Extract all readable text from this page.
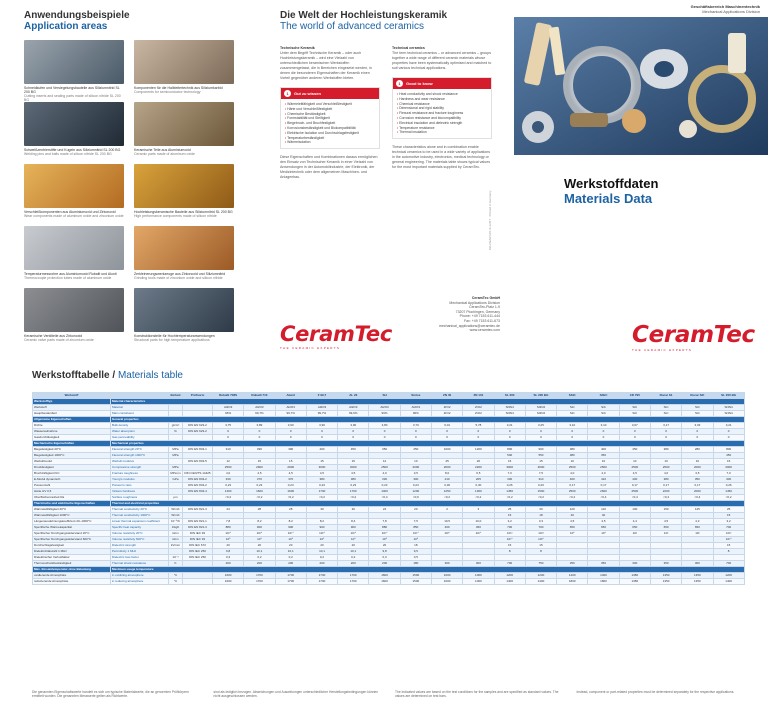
Anwendungsbeispiele
Application areas
Schneidkufen und Versiegelungsbauteile aus Siliziumnitrid SL 200 BG
Cutting inserts and sealing parts made of silicon nitride SL 200 BG
Komponenten für die Halbleitertechnik aus Siliziumkarbid
Components for semiconductor technology
Schweißzentrierstifte und Kugeln aus Siliziumnitrid SL 200 BG
Welding pins and balls made of silicon nitride SL 200 BG
Keramische Teile aus Aluminiumoxid
Ceramic parts made of aluminum oxide
Verschleißkomponenten aus Aluminiumoxid und Zirkonoxid
Wear components made of aluminum oxide and zirconium oxide
Hochleistungskeramische Bauteile aus Siliziumnitrid SL 200 BG
High performance components made of silicon nitride
Temperaturmessrohre aus Aluminiumoxid Rubalit und Alunit
Thermocouple protection tubes made of aluminum oxide
Zerkleinerungswerkzeuge aus Zirkonoxid und Siliziumnitrid
Grinding tools made of zirconium oxide and silicon nitride
Keramische Ventilteile aus Zirkonoxid
Ceramic valve parts made of zirconium oxide
Konstruktionsteile für Hochtemperaturanwendungen
Structural parts for high temperature applications
Die Welt der Hochleistungskeramik
The world of advanced ceramics
Technische Keramik

Unter dem Begriff Technische Keramik – oder auch Hochleistungskeramik – wird eine Vielzahl von unterschiedlichen keramischen Werkstoffen zusammengefasst, die in Bereichen eingesetzt werden, in denen die besonderen Eigenschaften der Keramik einen Vorteil gegenüber anderen Werkstoffen bieten.

1	Gut zu wissen
• Wärmeleitfähigkeit und Verschleißfestigkeit
• Härte und Verschleißfestigkeit
• Chemische Beständigkeit
• Formstabilität und Steifigkeit
• Biegebruch- und Bruchfestigkeit
• Korrosionsbeständigkeit und Biokompatibilität
• Elektrische Isolation und Durchschlagsfestigkeit
• Temperaturbeständigkeit
• Wärmeisolation

Diese Eigenschaften und Kombinationen daraus ermöglichen den Einsatz von Technischer Keramik in einer Vielzahl von Anwendungen in der Automobilindustrie, der Elektronik, der Medizintechnik oder dem allgemeinen Maschinen- und Anlagenbau.

Technical ceramics

The term technical ceramics – or advanced ceramics – groups together a wide range of different ceramic materials whose properties have been systematically optimised and matched to suit various technical applications.

1	Good to know
• Heat conductivity and shock resistance
• Hardness and wear resistance
• Chemical resistance
• Dimensional and rigid stability
• Flexural resistance and fracture toughness
• Corrosion resistance and biocompatibility
• Electrical insulation and dielectric strength
• Temperature resistance
• Thermal insulation

These characteristics alone and in combination enable technical ceramics to be used in a wide variety of applications in the automotive industry, electronics, medical technology or general engineering. The materials table shows typical values for the most important materials supplied by CeramTec.

CeramTec
THE CERAMIC EXPERTS
CeramTec GmbH
Mechanical Applications Division
CeramTec-Platz 1-9
73207 Plochingen, Germany
Phone: +49 7153 611-444
Fax: +49 7153 611-673
mechanical_applications@ceramtec.de
www.ceramtec.com
MA-DE/EN-08-4t-12/07 · Printed in Germany
Geschäftsbereich Maschinentechnik
Mechanical Applications Division
Werkstoffdaten
Materials Data
CeramTec
THE CERAMIC EXPERTS
Werkstofftabelle / Materials table
Werkstoff		Einheit	Prüfnorm	Rubalit 708S	Rubalit 710	Alunit	F 99,7	AL 23	SH	Sintox	ZN 40	ZN 101	SL 200	SL 200 BG	SSiC	SiSiC	CD 795	Rocar S1	Rocar SiF	SL 200 BG	
Werkstofftyp	Material characteristics																				
Werkstoff	Material			Al2O3	Al2O3	Al2O3	Al2O3	Al2O3	Al2O3	Al2O3	ZrO2	ZrO2	Si3N4	Si3N4	SiC	SiC	SiC	SiC	SiC	Si3N4	
Hauptbestandteil	Main constituent			96%	99,7%	99,7%	99,7%	99,9%	96%	96%	ZrO2	ZrO2	Si3N4	Si3N4	SiC	SiC	SiC	SiC	SiC	Si3N4	
Allgemeine Eigenschaften	General properties																				
Dichte	Bulk density	g/cm³	DIN EN 623-2	3,75	3,89	3,90	3,90	3,90	3,80	3,70	6,01	5,78	3,21	3,25	3,10	3,10	3,07	3,17	3,03	3,21	
Wasseraufnahme	Water absorption	%	DIN EN 623-2	0	0	0	0	0	0	0	0	0	0	0	0	0	0	0	0	0	
Gasdurchlässigkeit	Gas permeability			0	0	0	0	0	0	0	0	0	0	0	0	0	0	0	0	0	
Mechanische Eigenschaften	Mechanical properties																				
Biegefestigkeit 20°C	Flexural strength 20°C	MPa	DIN EN 843-1	310	390	390	400	450	350	250	1000	1200	800	900	380	400	450	380	280	800	
Biegefestigkeit 1000°C	Flexural strength 1000°C	MPa											500	550	380	350				450	
Weibullmodul	Weibull modulus		DIN EN 843-5	12	15	15	15	15	12	10	25	20	15	15	10	10	10	10	10	15	
Druckfestigkeit	Compressive strength	MPa		2500	2900	2900	3000	3000	2500	2000	2000	2200	3000	3000	2500	2500	2500	2500	2000	3000	
Bruchzähigkeit KIC	Fracture toughness	MPa√m	DIN CEN/TS 14425	4,0	4,5	4,5	4,5	4,5	4,0	3,5	8,0	6,5	7,0	7,5	4,0	4,0	4,5	4,0	3,5	7,0	
E-Modul dynamisch	Young's modulus	GPa	DIN EN 843-2	330	370	370	380	380	330	300	210	205	300	310	400	410	400	380	350	300	
Poissonzahl	Poisson's ratio		DIN EN 843-2	0,23	0,23	0,23	0,23	0,23	0,23	0,23	0,30	0,30	0,26	0,26	0,17	0,17	0,17	0,17	0,17	0,26	
Härte HV 0,5	Vickers hardness		DIN EN 843-4	1400	1600	1600	1700	1700	1400	1200	1250	1300	1450	1500	2500	2600	2500	2200	2000	1450	
Oberflächenrauheit Ra	Surface roughness	µm		<0,4	<0,2	<0,2	<0,2	<0,2	<0,4	<0,6	<0,2	<0,2	<0,2	<0,2	<0,4	<0,4	<0,4	<0,4	<0,4	<0,2	
Thermische und elektrische Eigenschaften	Thermal and electrical properties																				
Wärmeleitfähigkeit 20°C	Thermal conductivity 20°C	W/mK	DIN EN 821-3	24	28	28	30	30	24	20	2	3	25	30	120	110	100	150	125	25	
Wärmeleitfähigkeit 1000°C	Thermal conductivity 1000°C	W/mK											15	18	40	40				15	
Längenausdehnungskoeffizient 20–1000°C	Linear thermal expansion coefficient	10⁻⁶/K	DIN EN 821-1	7,8	8,2	8,2	8,2	8,4	7,8	7,5	10,5	10,0	3,2	3,3	4,5	4,5	4,4	4,5	4,3	3,2	
Spezifische Wärmekapazität	Specific heat capacity	J/kgK	DIN EN 821-3	880	900	900	900	900	880	850	400	450	700	700	650	650	650	650	650	700	
Spezifischer Durchgangswiderstand 20°C	Volume resistivity 20°C	Ωcm	DIN IEC 93	10¹⁴	10¹⁴	10¹⁴	10¹⁴	10¹⁴	10¹⁴	10¹⁴	10¹⁰	10¹⁰	10¹³	10¹³	10⁵	10⁴	10²	10²	10²	10¹³	
Spezifischer Durchgangswiderstand 600°C	Volume resistivity 600°C	Ωcm	DIN IEC 93	10⁸	10⁹	10⁹	10⁹	10⁹	10⁸	10⁸			10¹⁰	10¹⁰						10¹⁰	
Durchschlagsfestigkeit	Dielectric strength	kV/mm	DIN IEC 672	20	20	20	20	20	20	18			15	15						15	
Dielektrizitätszahl 1 MHz	Permittivity 1 MHz		DIN IEC 250	9,8	10,1	10,1	10,1	10,1	9,8	9,5			8	8						8	
Dielektrischer Verlustfaktor	Dielectric loss factor	10⁻³	DIN IEC 250	0,3	0,2	0,2	0,2	0,2	0,3	0,5											
Thermoschockbeständigkeit	Thermal shock resistance	K		200	200	200	200	200	200	180	300	300	700	750	350	350	300	350	300	700	
Max. Einsatztemperatur ohne Belastung	Maximum usage temperature																				
oxidierende Atmosphäre	in oxidizing atmosphere	°C		1600	1700	1700	1700	1700	1600	1500	1000	1000	1200	1200	1400	1400	1380	1350	1350	1200	
reduzierende Atmosphäre	in reducing atmosphere	°C		1600	1700	1700	1700	1700	1600	1500	1000	1000	1400	1400	1800	1800	1380	1350	1350	1400	
Die genannten Eigenschaftswerte handelt es sich um typische Materialwerte, die an genormten Prüfkörpern ermittelt wurden. Die genannten Messwerte gelten als Richtwerte.
sind als lediglich bezogen. Abweichungen und Auswirkungen unterschiedlicher Herstellungsbedingungen können nicht ausgeschlossen werden.
The indicated values are based on the test conditions for the samples and are specified as standard values. The values are determined on test bars.
Instead, component or part-related properties must be determined separately for the respective applications.
